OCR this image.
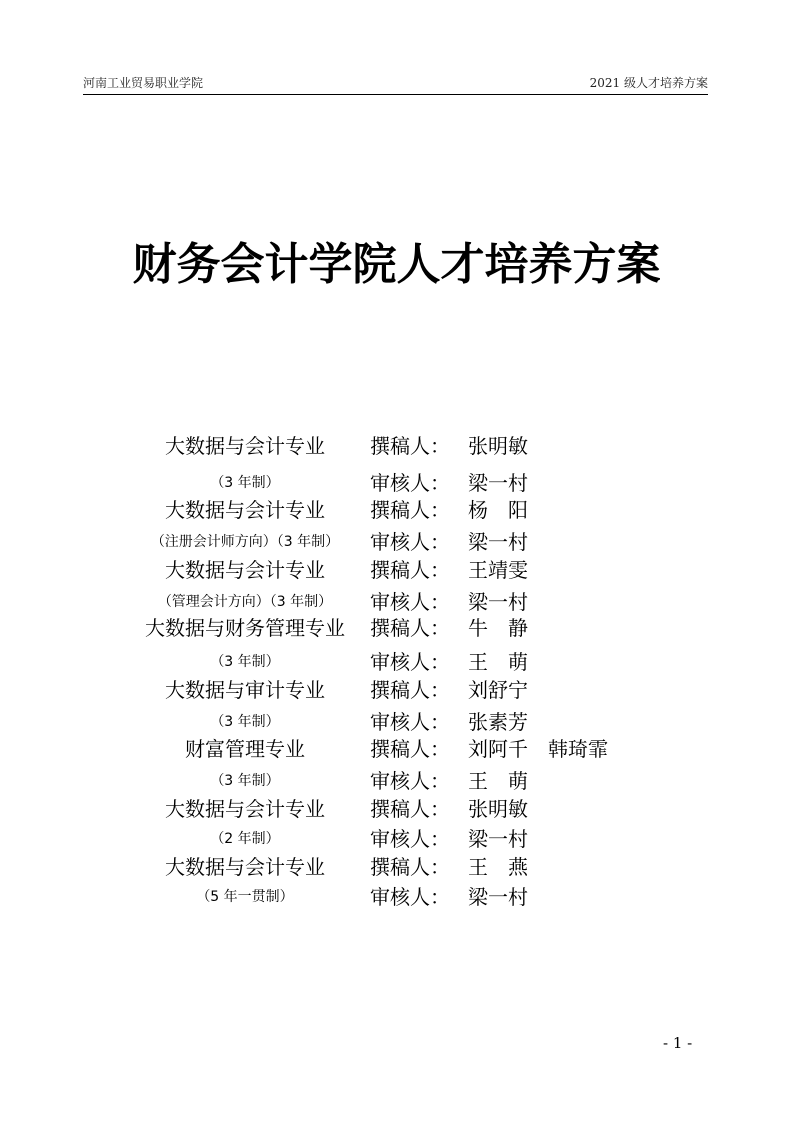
河南工业贸易职业学院	2021 级人才培养方案
财务会计学院人才培养方案
大数据与会计专业	撰稿人： 张明敏
（3 年制）	审核人： 梁一村
大数据与会计专业	撰稿人： 杨　阳
（注册会计师方向）（3 年制）	审核人： 梁一村
大数据与会计专业	撰稿人： 王靖雯
（管理会计方向）（3 年制）	审核人： 梁一村
大数据与财务管理专业	撰稿人： 牛　静
（3 年制）	审核人： 王　萌
大数据与审计专业	撰稿人： 刘舒宁
（3 年制）	审核人： 张素芳
财富管理专业	撰稿人： 刘阿千　韩琦霏
（3 年制）	审核人： 王　萌
大数据与会计专业	撰稿人： 张明敏
（2 年制）	审核人： 梁一村
大数据与会计专业	撰稿人： 王　燕
（5 年一贯制）	审核人： 梁一村
- 1 -
